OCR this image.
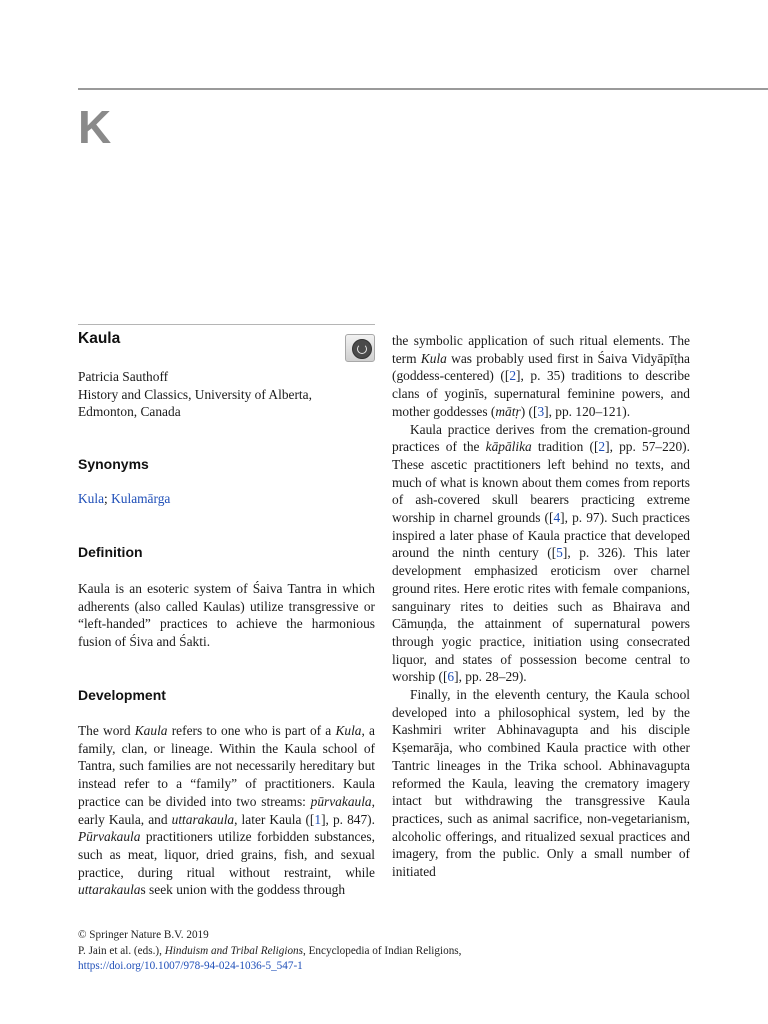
K
Kaula
Patricia Sauthoff
History and Classics, University of Alberta,
Edmonton, Canada
Synonyms
Kula; Kulamārga
Definition

Kaula is an esoteric system of Śaiva Tantra in which adherents (also called Kaulas) utilize transgressive or “left-handed” practices to achieve the harmonious fusion of Śiva and Śakti.

Development

The word Kaula refers to one who is part of a Kula, a family, clan, or lineage. Within the Kaula school of Tantra, such families are not necessarily hereditary but instead refer to a “family” of practitioners. Kaula practice can be divided into two streams: pūrvakaula, early Kaula, and uttarakaula, later Kaula ([1], p. 847). Pūrvakaula practitioners utilize forbidden substances, such as meat, liquor, dried grains, fish, and sexual practice, during ritual without restraint, while uttarakaulas seek union with the goddess through

the symbolic application of such ritual elements. The term Kula was probably used first in Śaiva Vidyāpīṭha (goddess-centered) ([2], p. 35) traditions to describe clans of yoginīs, supernatural feminine powers, and mother goddesses (mātṛ) ([3], pp. 120–121).

Kaula practice derives from the cremation-ground practices of the kāpālika tradition ([2], pp. 57–220). These ascetic practitioners left behind no texts, and much of what is known about them comes from reports of ash-covered skull bearers practicing extreme worship in charnel grounds ([4], p. 97). Such practices inspired a later phase of Kaula practice that developed around the ninth century ([5], p. 326). This later development emphasized eroticism over charnel ground rites. Here erotic rites with female companions, sanguinary rites to deities such as Bhairava and Cāmuṇḍa, the attainment of supernatural powers through yogic practice, initiation using consecrated liquor, and states of possession become central to worship ([6], pp. 28–29).

Finally, in the eleventh century, the Kaula school developed into a philosophical system, led by the Kashmiri writer Abhinavagupta and his disciple Kṣemarāja, who combined Kaula practice with other Tantric lineages in the Trika school. Abhinavagupta reformed the Kaula, leaving the crematory imagery intact but withdrawing the transgressive Kaula practices, such as animal sacrifice, non-vegetarianism, alcoholic offerings, and ritualized sexual practices and imagery, from the public. Only a small number of initiated

© Springer Nature B.V. 2019
P. Jain et al. (eds.), Hinduism and Tribal Religions, Encyclopedia of Indian Religions,
https://doi.org/10.1007/978-94-024-1036-5_547-1
